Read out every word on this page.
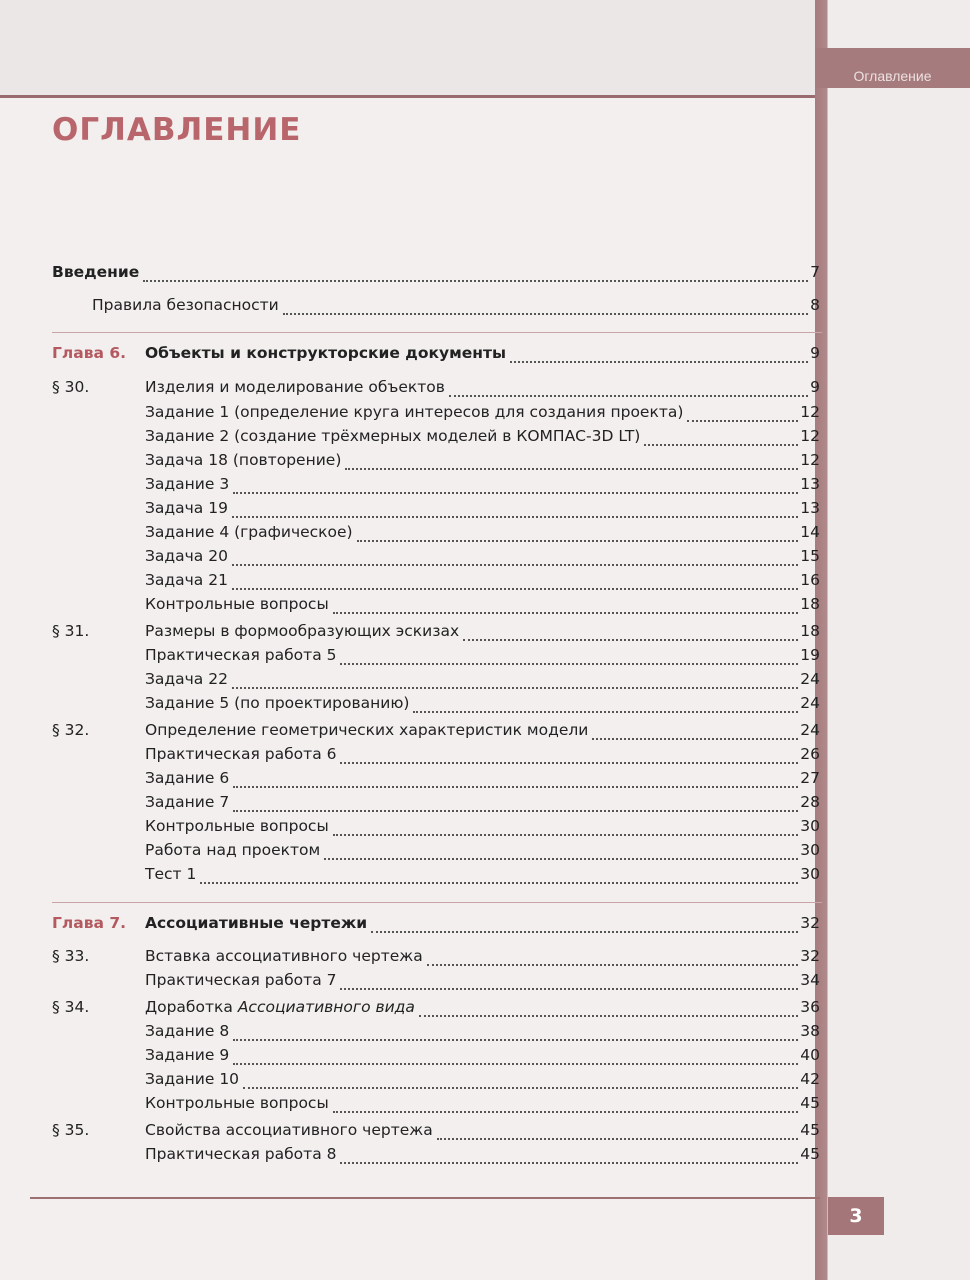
Оглавление
ОГЛАВЛЕНИЕ
Введение	7
Правила безопасности	8
Глава 6.	Объекты и конструкторские документы	9
§ 30.	Изделия и моделирование объектов	9
Задание 1 (определение круга интересов для создания проекта)	12
Задание 2 (создание трёхмерных моделей в КОМПАС-3D LT)	12
Задача 18 (повторение)	12
Задание 3	13
Задача 19	13
Задание 4 (графическое)	14
Задача 20	15
Задача 21	16
Контрольные вопросы	18
§ 31.	Размеры в формообразующих эскизах	18
Практическая работа 5	19
Задача 22	24
Задание 5 (по проектированию)	24
§ 32.	Определение геометрических характеристик модели	24
Практическая работа 6	26
Задание 6	27
Задание 7	28
Контрольные вопросы	30
Работа над проектом	30
Тест 1	30
Глава 7.	Ассоциативные чертежи	32
§ 33.	Вставка ассоциативного чертежа	32
Практическая работа 7	34
§ 34.	Доработка Ассоциативного вида	36
Задание 8	38
Задание 9	40
Задание 10	42
Контрольные вопросы	45
§ 35.	Свойства ассоциативного чертежа	45
Практическая работа 8	45
3
